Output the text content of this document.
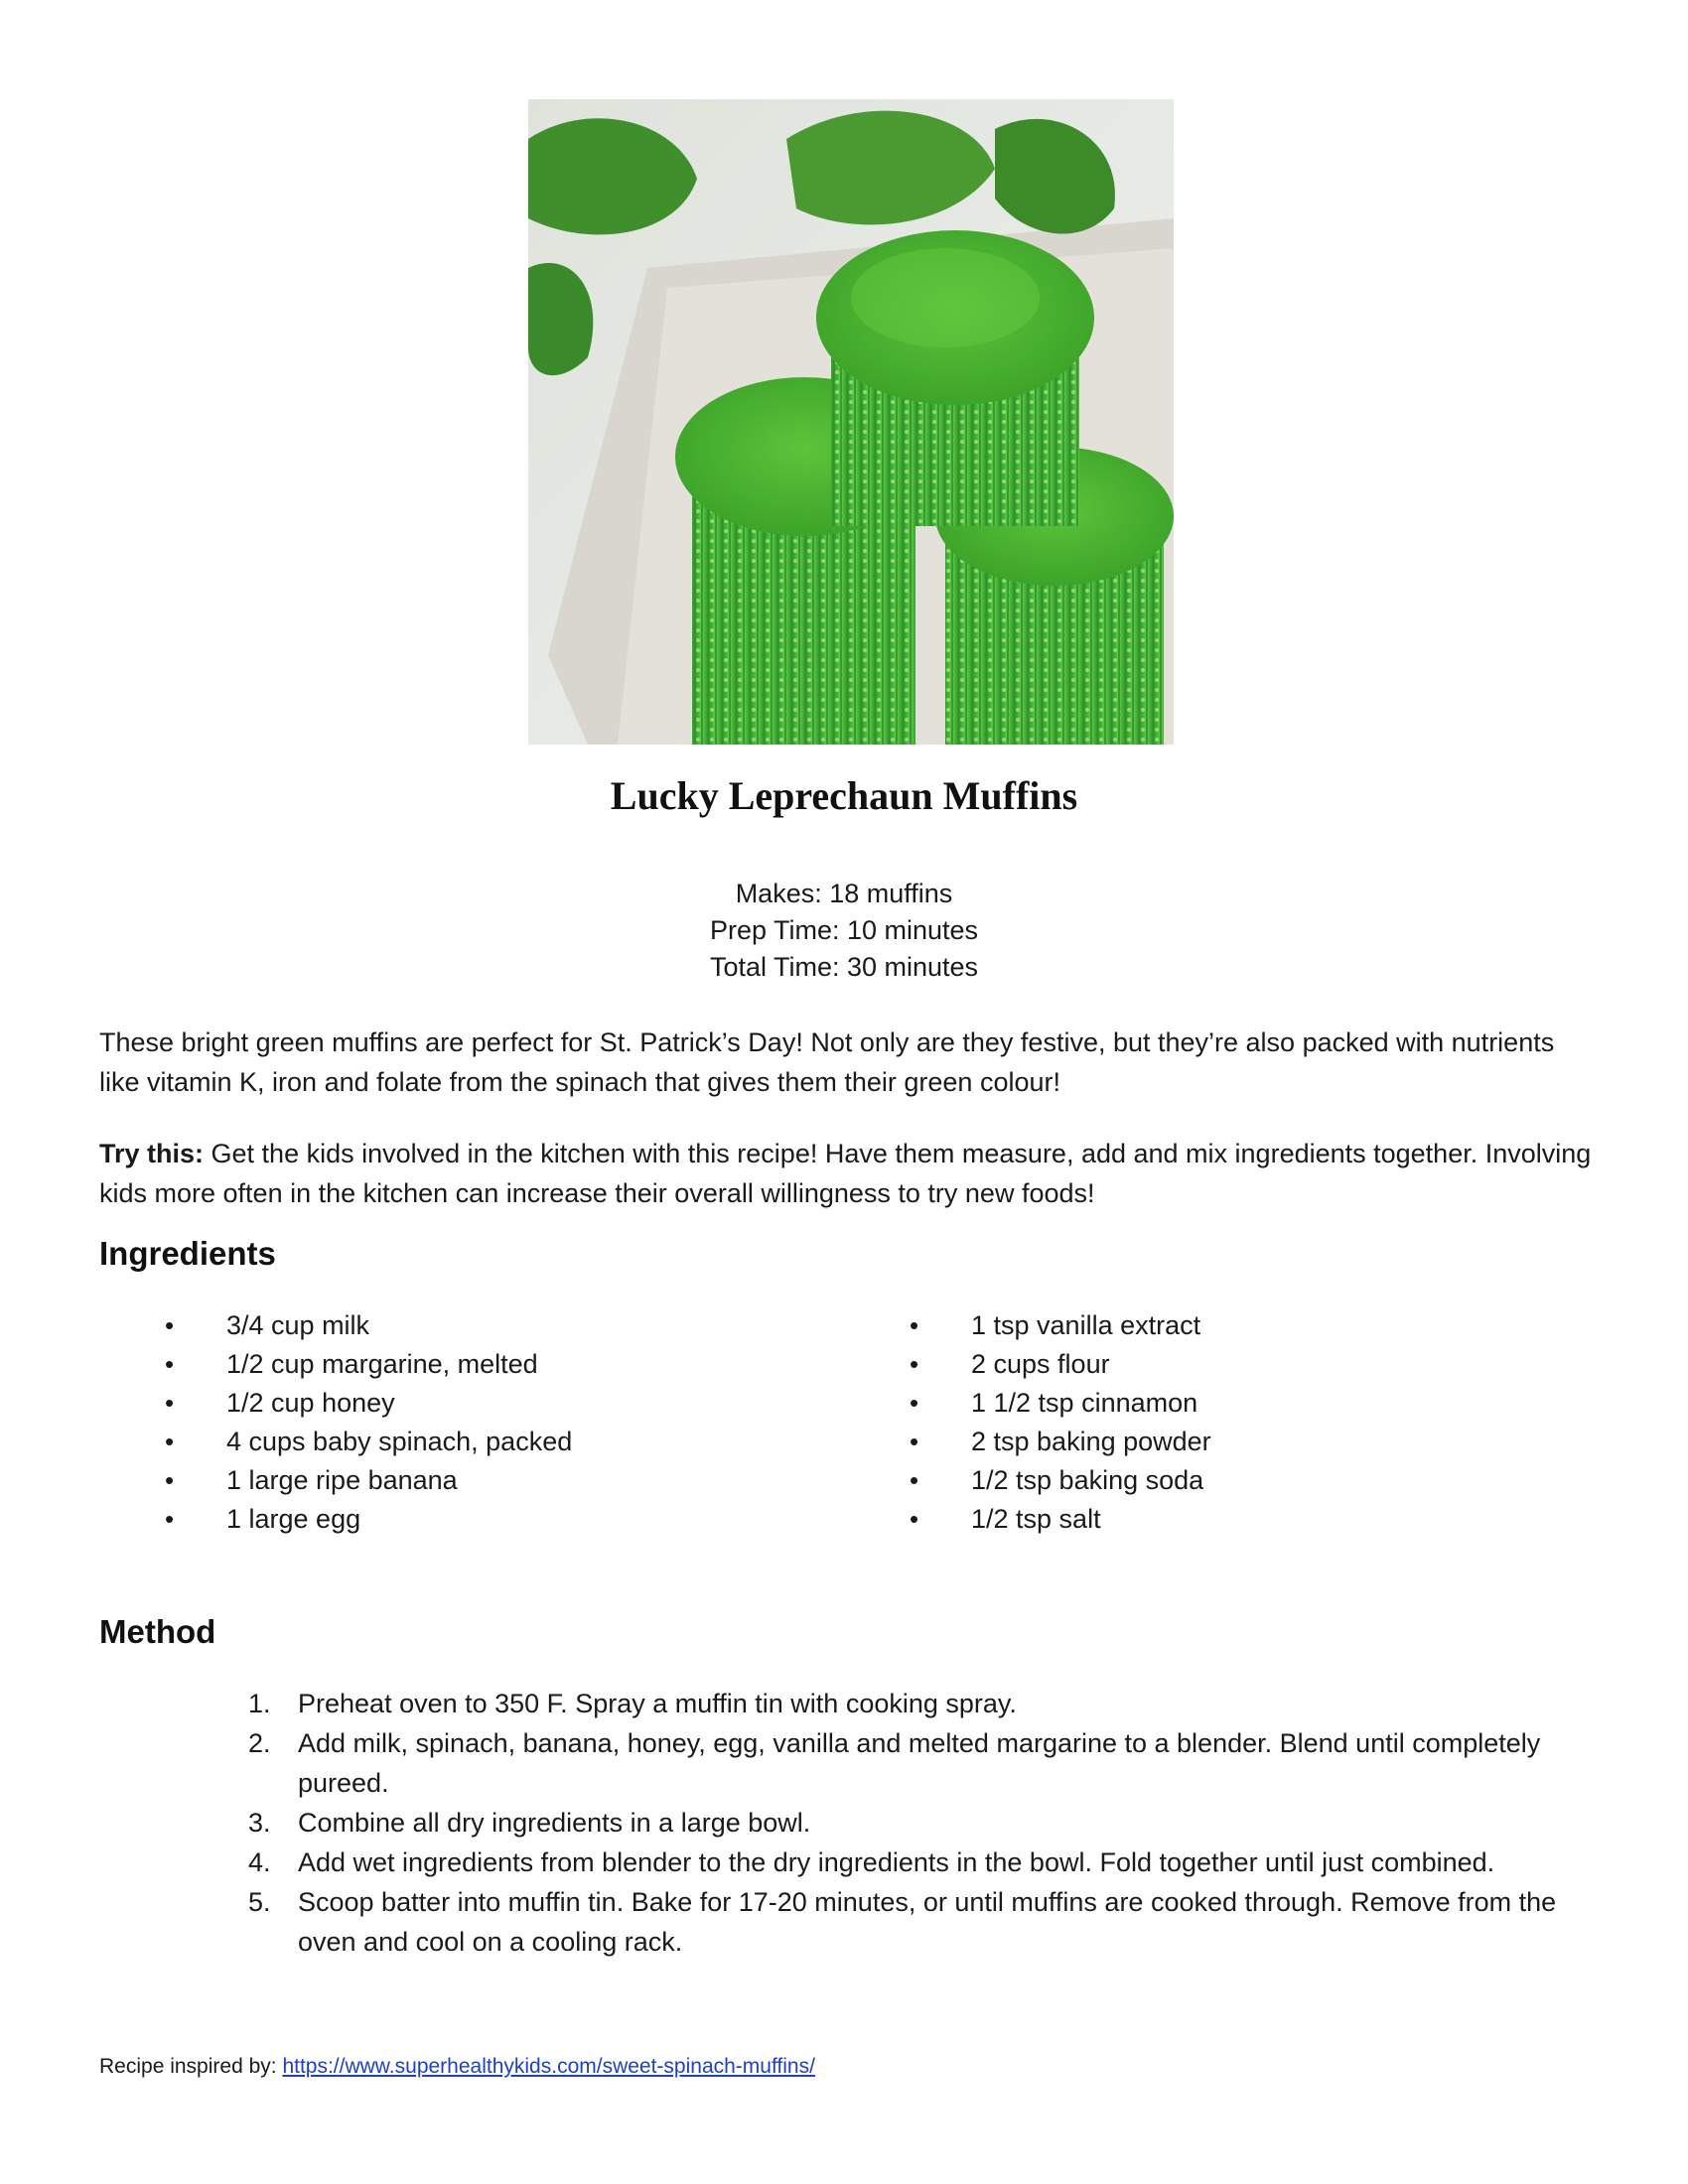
Lucky Leprechaun Muffins
Makes: 18 muffins
Prep Time: 10 minutes
Total Time: 30 minutes
These bright green muffins are perfect for St. Patrick’s Day! Not only are they festive, but they’re also packed with nutrients like vitamin K, iron and folate from the spinach that gives them their green colour!
Try this: Get the kids involved in the kitchen with this recipe! Have them measure, add and mix ingredients together. Involving kids more often in the kitchen can increase their overall willingness to try new foods!
Ingredients
• 3/4 cup milk
• 1/2 cup margarine, melted
• 1/2 cup honey
• 4 cups baby spinach, packed
• 1 large ripe banana
• 1 large egg
• 1 tsp vanilla extract
• 2 cups flour
• 1 1/2 tsp cinnamon
• 2 tsp baking powder
• 1/2 tsp baking soda
• 1/2 tsp salt
Method
1. Preheat oven to 350 F. Spray a muffin tin with cooking spray.
2. Add milk, spinach, banana, honey, egg, vanilla and melted margarine to a blender. Blend until completely pureed.
3. Combine all dry ingredients in a large bowl.
4. Add wet ingredients from blender to the dry ingredients in the bowl. Fold together until just combined.
5. Scoop batter into muffin tin. Bake for 17-20 minutes, or until muffins are cooked through. Remove from the oven and cool on a cooling rack.
Recipe inspired by: https://www.superhealthykids.com/sweet-spinach-muffins/
